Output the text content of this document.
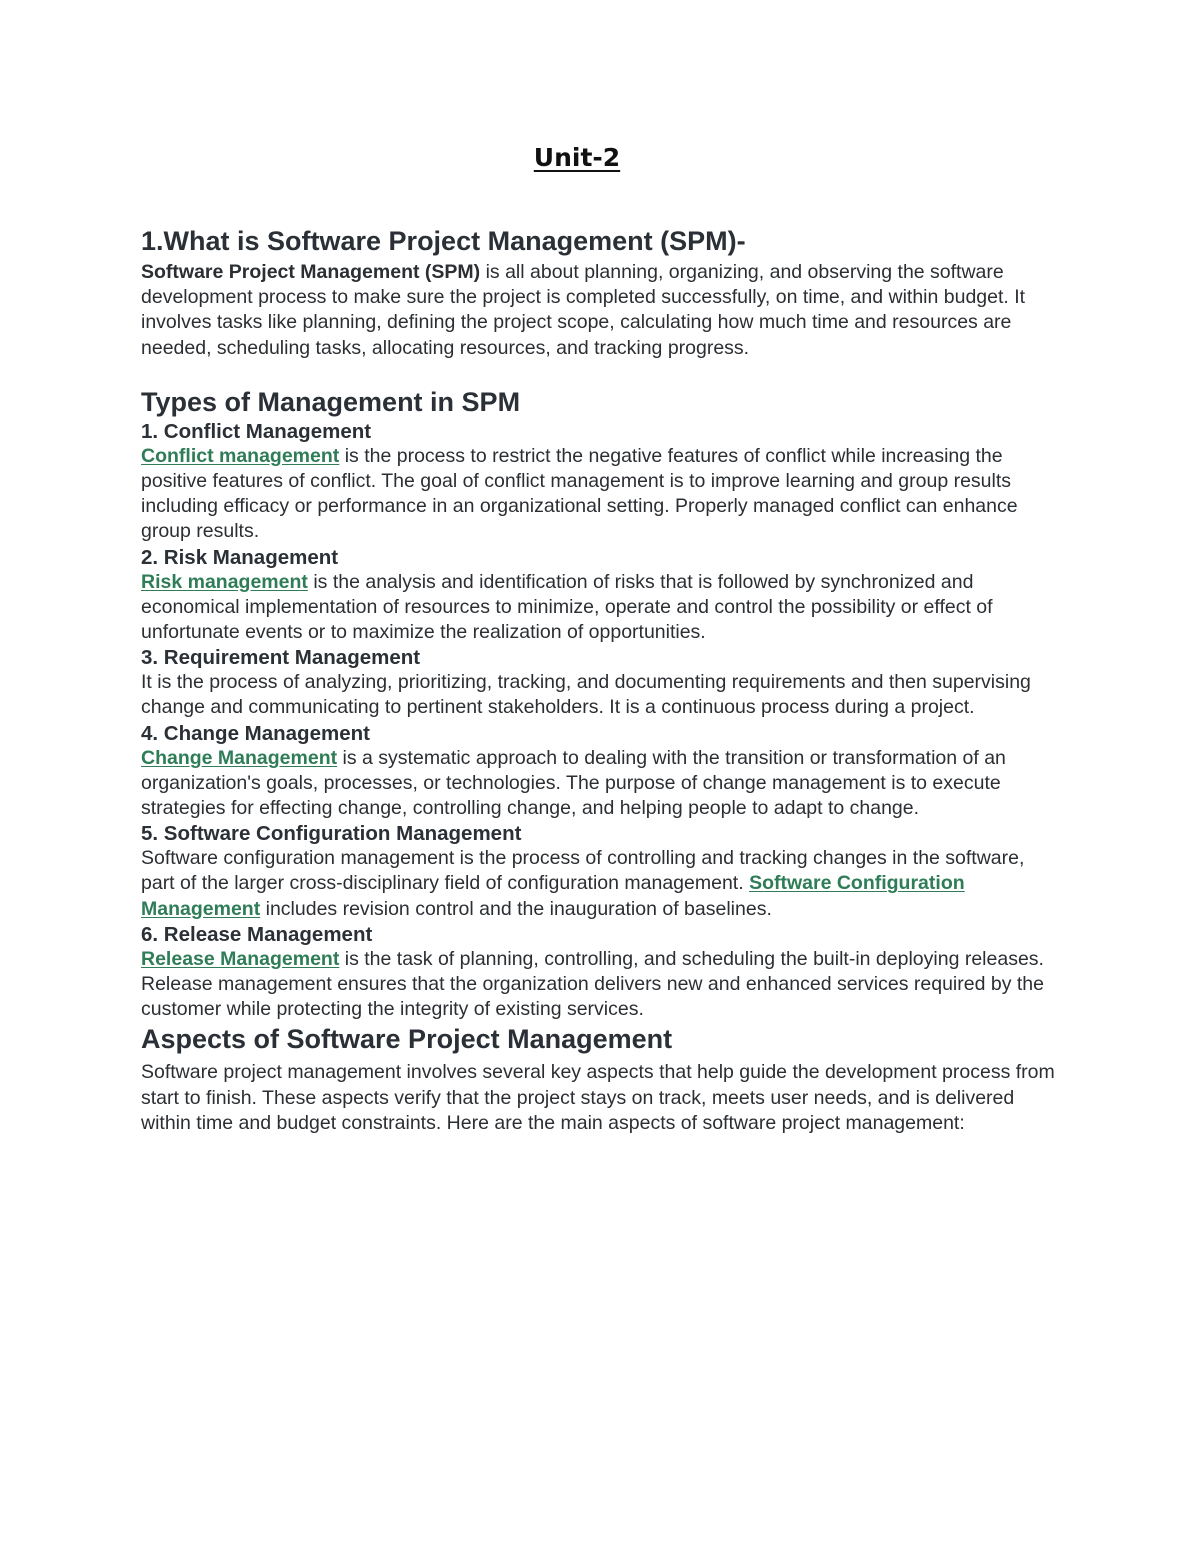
Unit-2
1.What is Software Project Management (SPM)-

Software Project Management (SPM) is all about planning, organizing, and observing the software development process to make sure the project is completed successfully, on time, and within budget. It involves tasks like planning, defining the project scope, calculating how much time and resources are needed, scheduling tasks, allocating resources, and tracking progress.

Types of Management in SPM
1. Conflict Management

Conflict management is the process to restrict the negative features of conflict while increasing the positive features of conflict. The goal of conflict management is to improve learning and group results including efficacy or performance in an organizational setting. Properly managed conflict can enhance group results.

2. Risk Management

Risk management is the analysis and identification of risks that is followed by synchronized and economical implementation of resources to minimize, operate and control the possibility or effect of unfortunate events or to maximize the realization of opportunities.

3. Requirement Management

It is the process of analyzing, prioritizing, tracking, and documenting requirements and then supervising change and communicating to pertinent stakeholders. It is a continuous process during a project.

4. Change Management

Change Management is a systematic approach to dealing with the transition or transformation of an organization's goals, processes, or technologies. The purpose of change management is to execute strategies for effecting change, controlling change, and helping people to adapt to change.

5. Software Configuration Management

Software configuration management is the process of controlling and tracking changes in the software, part of the larger cross-disciplinary field of configuration management. Software Configuration Management includes revision control and the inauguration of baselines.

6. Release Management

Release Management is the task of planning, controlling, and scheduling the built-in deploying releases. Release management ensures that the organization delivers new and enhanced services required by the customer while protecting the integrity of existing services.

Aspects of Software Project Management

Software project management involves several key aspects that help guide the development process from start to finish. These aspects verify that the project stays on track, meets user needs, and is delivered within time and budget constraints. Here are the main aspects of software project management:
